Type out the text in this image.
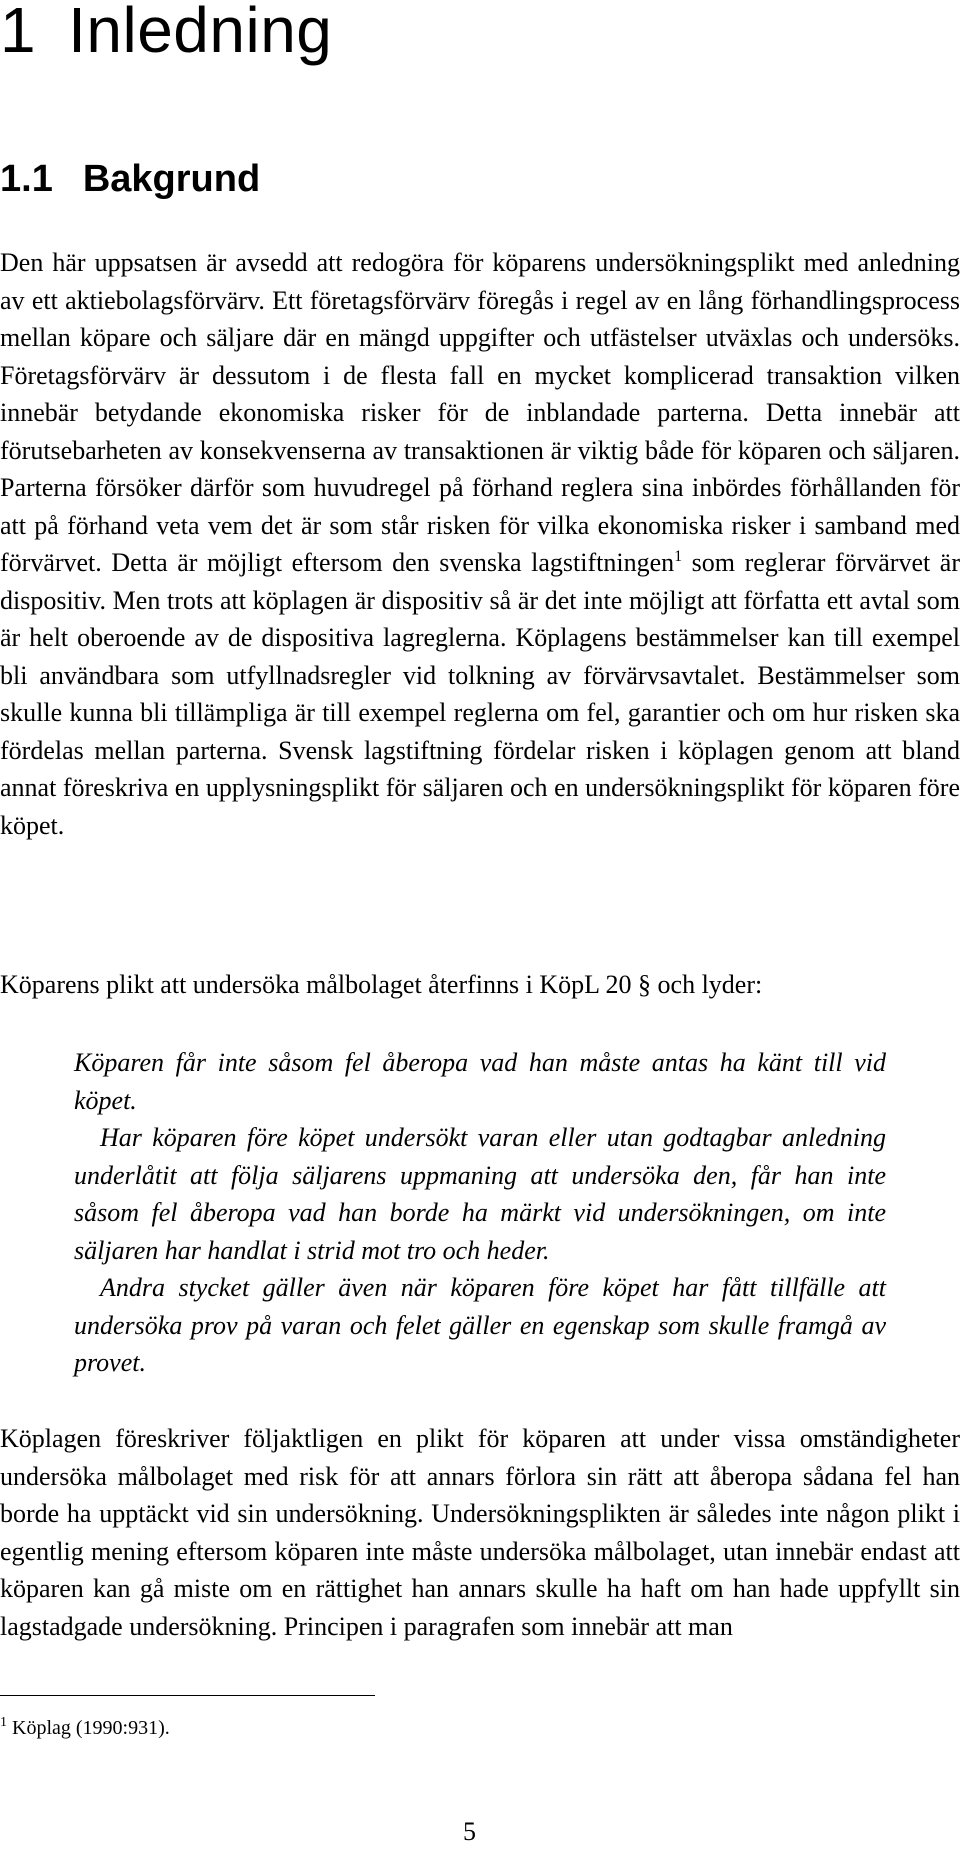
1 Inledning
1.1 Bakgrund

Den här uppsatsen är avsedd att redogöra för köparens undersökningsplikt med anledning av ett aktiebolagsförvärv. Ett företagsförvärv föregås i regel av en lång förhandlingsprocess mellan köpare och säljare där en mängd uppgifter och utfästelser utväxlas och undersöks. Företagsförvärv är dessutom i de flesta fall en mycket komplicerad transaktion vilken innebär betydande ekonomiska risker för de inblandade parterna. Detta innebär att förutsebarheten av konsekvenserna av transaktionen är viktig både för köparen och säljaren. Parterna försöker därför som huvudregel på förhand reglera sina inbördes förhållanden för att på förhand veta vem det är som står risken för vilka ekonomiska risker i samband med förvärvet. Detta är möjligt eftersom den svenska lagstiftningen$^1$ som reglerar förvärvet är dispositiv. Men trots att köplagen är dispositiv så är det inte möjligt att författa ett avtal som är helt oberoende av de dispositiva lagreglerna. Köplagens bestämmelser kan till exempel bli användbara som utfyllnadsregler vid tolkning av förvärvsavtalet. Bestämmelser som skulle kunna bli tillämpliga är till exempel reglerna om fel, garantier och om hur risken ska fördelas mellan parterna. Svensk lagstiftning fördelar risken i köplagen genom att bland annat föreskriva en upplysningsplikt för säljaren och en undersökningsplikt för köparen före köpet.

Köparens plikt att undersöka målbolaget återfinns i KöpL 20 § och lyder:

Köparen får inte såsom fel åberopa vad han måste antas ha känt till vid köpet.

Har köparen före köpet undersökt varan eller utan godtagbar anledning underlåtit att följa säljarens uppmaning att undersöka den, får han inte såsom fel åberopa vad han borde ha märkt vid undersökningen, om inte säljaren har handlat i strid mot tro och heder.

Andra stycket gäller även när köparen före köpet har fått tillfälle att undersöka prov på varan och felet gäller en egenskap som skulle framgå av provet.

Köplagen föreskriver följaktligen en plikt för köparen att under vissa omständigheter undersöka målbolaget med risk för att annars förlora sin rätt att åberopa sådana fel han borde ha upptäckt vid sin undersökning. Undersökningsplikten är således inte någon plikt i egentlig mening eftersom köparen inte måste undersöka målbolaget, utan innebär endast att köparen kan gå miste om en rättighet han annars skulle ha haft om han hade uppfyllt sin lagstadgade undersökning. Principen i paragrafen som innebär att man

$^1$ Köplag (1990:931).

5
